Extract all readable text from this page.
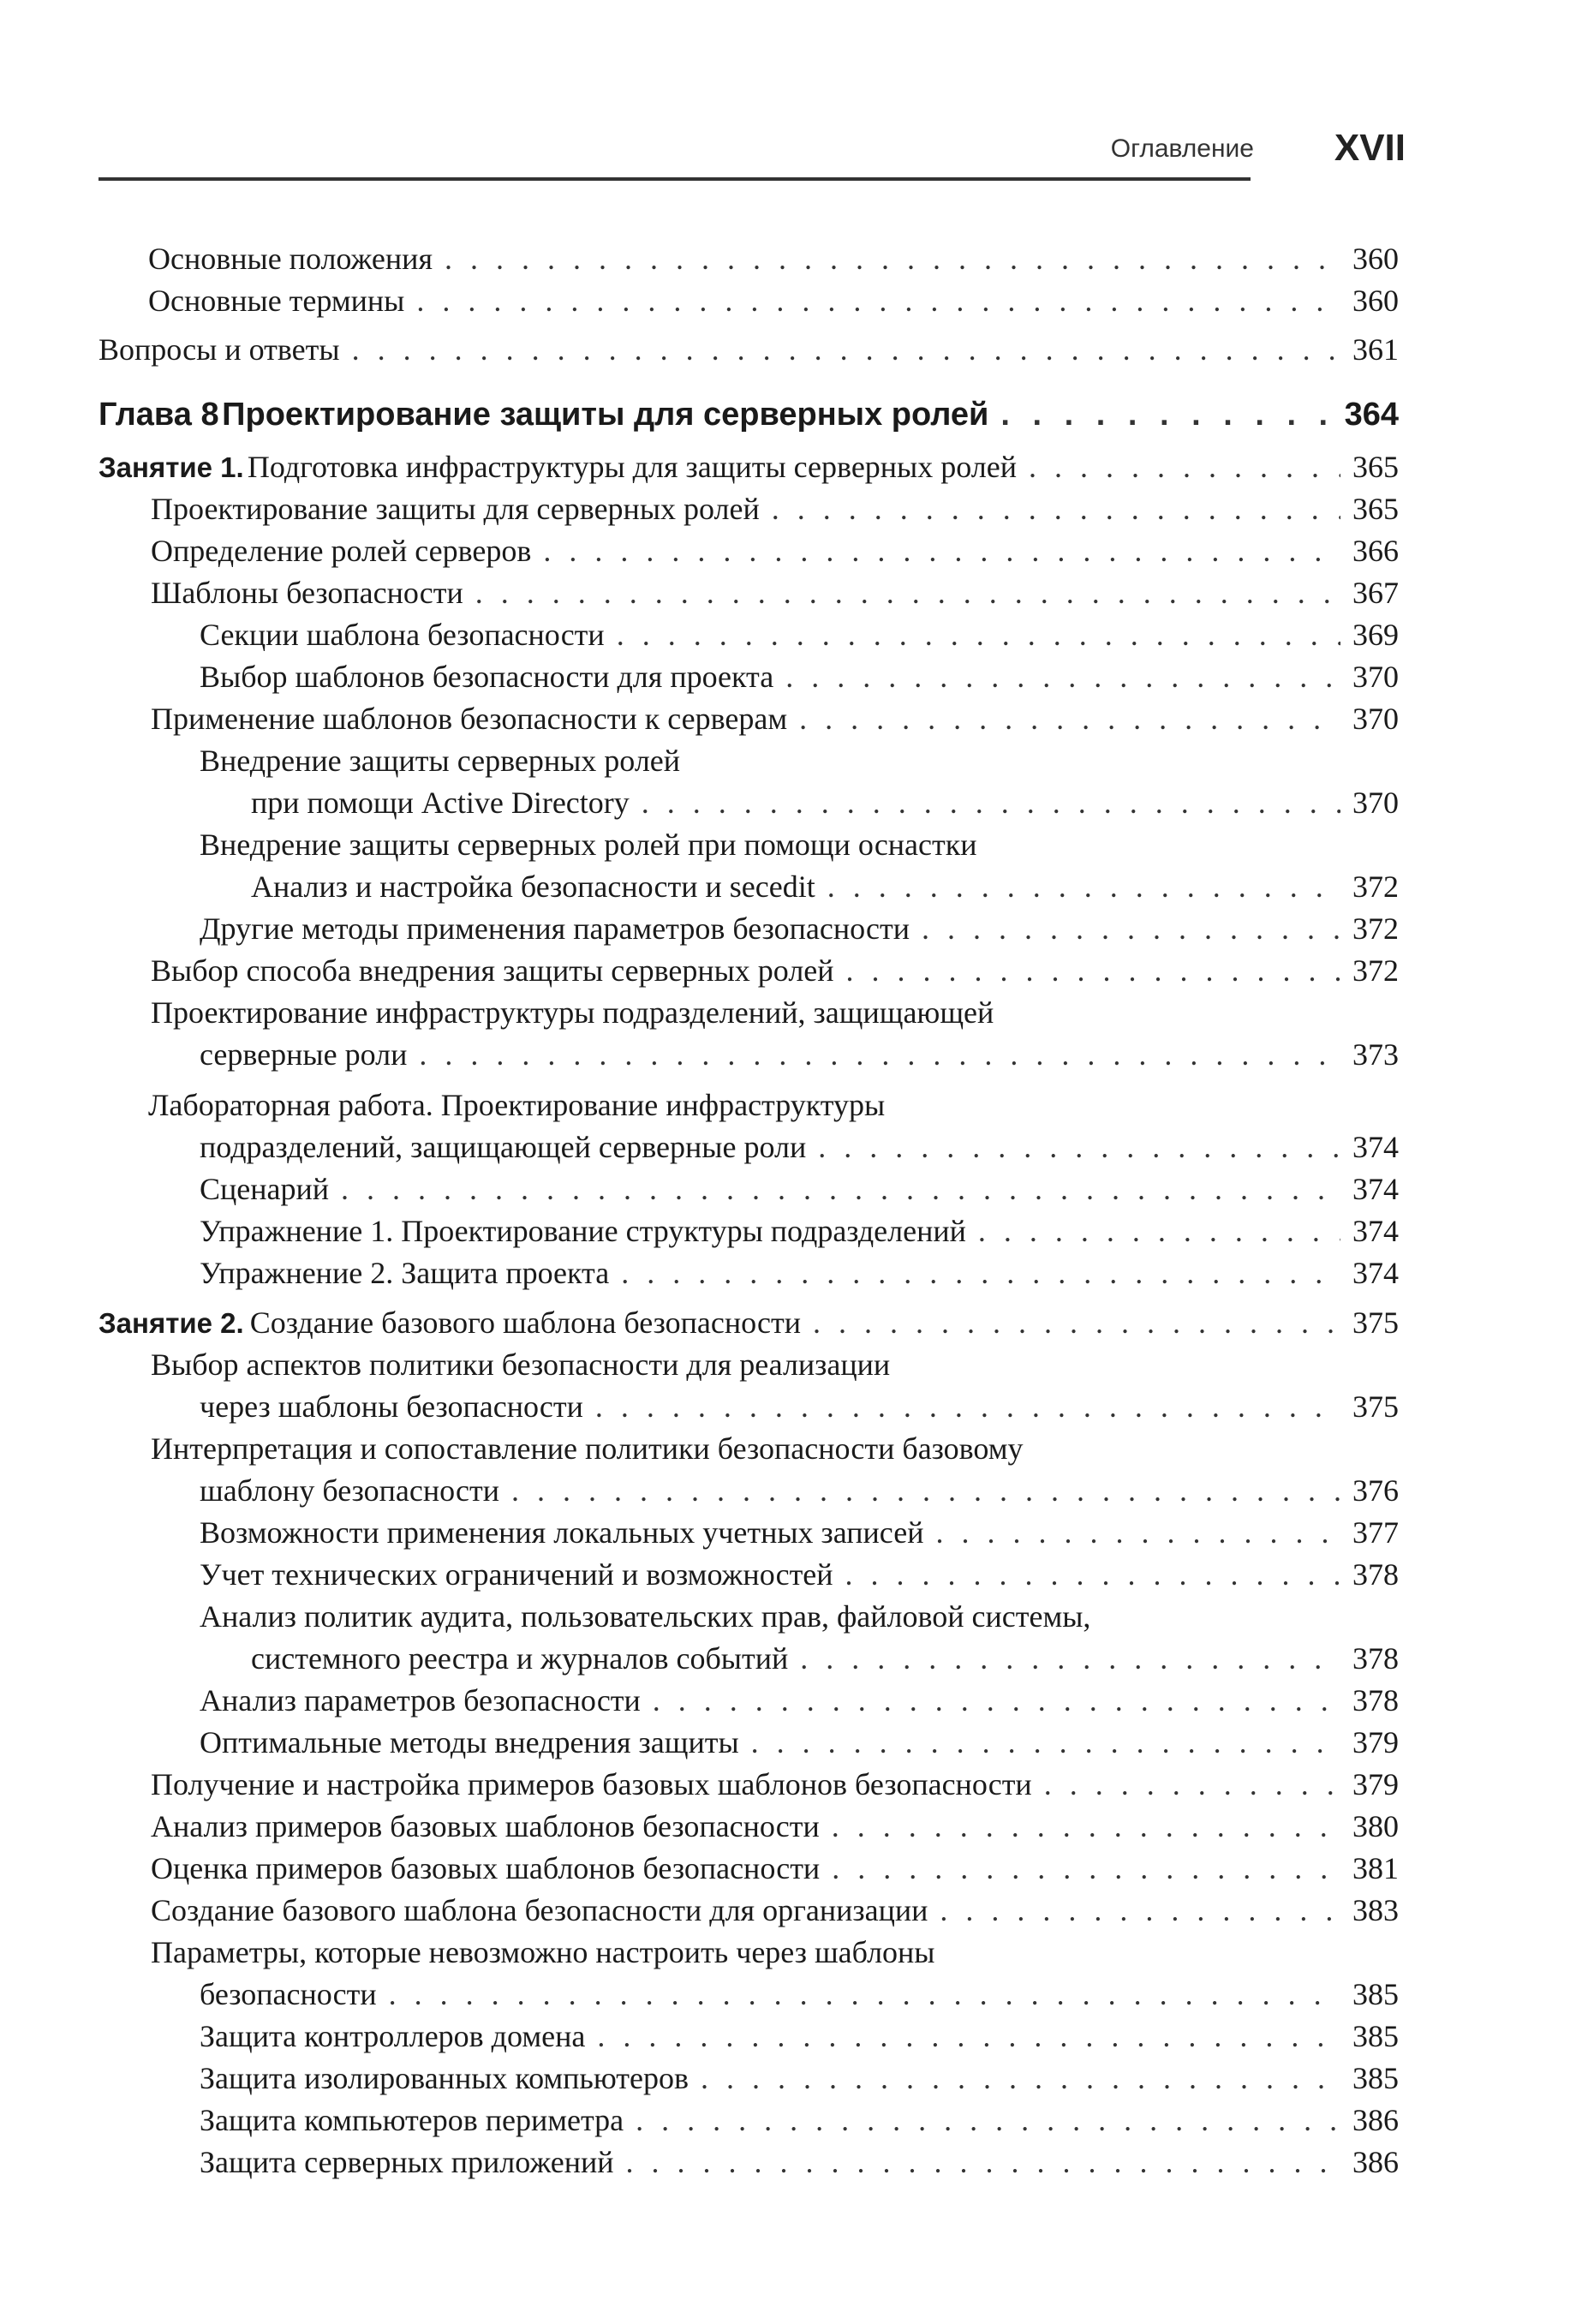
Оглавление XVII
Основные положения . . .	360
Основные термины . . .	360
Вопросы и ответы . . .	361
Глава 8 Проектирование защиты для серверных ролей . . .	364
Занятие 1. Подготовка инфраструктуры для защиты серверных ролей . . .	365
Проектирование защиты для серверных ролей . . .	365
Определение ролей серверов . . .	366
Шаблоны безопасности . . .	367
Секции шаблона безопасности . . .	369
Выбор шаблонов безопасности для проекта . . .	370
Применение шаблонов безопасности к серверам . . .	370
Внедрение защиты серверных ролей
при помощи Active Directory . . .	370
Внедрение защиты серверных ролей при помощи оснастки
Анализ и настройка безопасности и secedit . . .	372
Другие методы применения параметров безопасности . . .	372
Выбор способа внедрения защиты серверных ролей . . .	372
Проектирование инфраструктуры подразделений, защищающей
серверные роли . . .	373
Лабораторная работа. Проектирование инфраструктуры
подразделений, защищающей серверные роли . . .	374
Сценарий . . .	374
Упражнение 1. Проектирование структуры подразделений . . .	374
Упражнение 2. Защита проекта . . .	374
Занятие 2. Создание базового шаблона безопасности . . .	375
Выбор аспектов политики безопасности для реализации
через шаблоны безопасности . . .	375
Интерпретация и сопоставление политики безопасности базовому
шаблону безопасности . . .	376
Возможности применения локальных учетных записей . . .	377
Учет технических ограничений и возможностей . . .	378
Анализ политик аудита, пользовательских прав, файловой системы,
системного реестра и журналов событий . . .	378
Анализ параметров безопасности . . .	378
Оптимальные методы внедрения защиты . . .	379
Получение и настройка примеров базовых шаблонов безопасности . . .	379
Анализ примеров базовых шаблонов безопасности . . .	380
Оценка примеров базовых шаблонов безопасности . . .	381
Создание базового шаблона безопасности для организации . . .	383
Параметры, которые невозможно настроить через шаблоны
безопасности . . .	385
Защита контроллеров домена . . .	385
Защита изолированных компьютеров . . .	385
Защита компьютеров периметра . . .	386
Защита серверных приложений . . .	386
